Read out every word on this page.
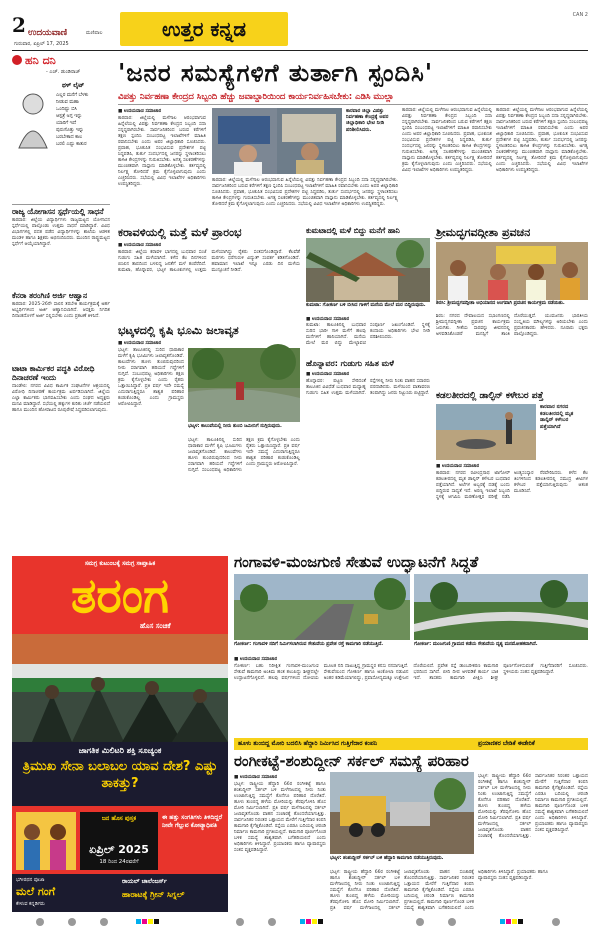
2 ಉದಯವಾಣಿ	ಮಣಿಪಾಲ
ಗುರುವಾರ, ಏಪ್ರಿಲ್ 17, 2025
ಉತ್ತರ ಕನ್ನಡ
CAN 2
ಹನಿ ದನಿ
- ಎಚ್. ಡುಂಡಿರಾಜ್
ಥಳ್ ಲೈಟ್
ಎಲ್ಲರ ಮನೆಗೆ ಬೆಳಕು
ನೀಡುವ ಮಹಾ
ಒಂದಿಷ್ಟು ಬಿಸಿ
ಆಸ್ಪತ್ರೆ ಅಗ್ಗ ಇನ್ನು
ಯಾರಿಗೆ ಇದೆ
ಪುರುಸೊತ್ತು ಇನ್ನು
ಬರಬೇಕಾದ ಕಾಲ
ಬರಲಿ ಎಷ್ಟು ಕಾತುರ
ರಾಜ್ಯ ಯೋಗಾಸನ ಸ್ಪರ್ಧೆಯಲ್ಲಿ ಸಾಧನೆ
ಕಾರವಾರ: ಜಿಲ್ಲೆಯ ವಿದ್ಯಾರ್ಥಿಗಳು ರಾಜ್ಯಮಟ್ಟದ ಯೋಗಾಸನ ಸ್ಪರ್ಧೆಯಲ್ಲಿ ಪಾಲ್ಗೊಂಡು ಉತ್ತಮ ಸಾಧನೆ ಮಾಡಿದ್ದಾರೆ. ವಿವಿಧ ವಿಭಾಗಗಳಲ್ಲಿ ಪದಕ ಪಡೆದ ವಿದ್ಯಾರ್ಥಿಗಳನ್ನು ಶಾಲೆಯ ಆಡಳಿತ ಮಂಡಳಿ ಹಾಗೂ ಶಿಕ್ಷಕರು ಅಭಿನಂದಿಸಿದರು. ಮುಂದಿನ ರಾಷ್ಟ್ರಮಟ್ಟದ ಸ್ಪರ್ಧೆಗೆ ಆಯ್ಕೆಯಾಗಿದ್ದಾರೆ.
ಕೆನರಾ ತರಂಗಿಣಿ ಅರ್ಜಿ ಆಹ್ವಾನ
ಕಾರವಾರ: 2025-26ನೇ ಸಾಲಿನ ತರಬೇತಿ ಕಾರ್ಯಕ್ರಮಕ್ಕೆ ಅರ್ಹ ಅಭ್ಯರ್ಥಿಗಳಿಂದ ಅರ್ಜಿ ಆಹ್ವಾನಿಸಲಾಗಿದೆ. ಆಸಕ್ತರು ನಿಗದಿತ ದಿನಾಂಕದೊಳಗೆ ಅರ್ಜಿ ಸಲ್ಲಿಸಬೇಕು ಎಂದು ಪ್ರಕಟಣೆ ತಿಳಿಸಿದೆ.
ಟಾಟಾ ಕಾರ್ಮಿಕರ ಪದ್ಧತಿ ವಿರೋಧಿ ದಿನಾಚರಣೆ ಇಂದು
ದಾಂಡೇಲಿ: ನಗರದ ವಿವಿಧ ಕಾರ್ಮಿಕ ಸಂಘಟನೆಗಳ ಆಶ್ರಯದಲ್ಲಿ ವಿರೋಧಿ ದಿನಾಚರಣೆ ಕಾರ್ಯಕ್ರಮ ಏರ್ಪಡಿಸಲಾಗಿದೆ. ಜಿಲ್ಲೆಯ ಎಲ್ಲಾ ಕಾರ್ಮಿಕರು ಭಾಗವಹಿಸಬೇಕು ಎಂದು ಸಂಘದ ಅಧ್ಯಕ್ಷರು ಮನವಿ ಮಾಡಿದ್ದಾರೆ. ಸಭೆಯಲ್ಲಿ ಹಕ್ಕುಗಳ ಕುರಿತು ಚರ್ಚೆ ನಡೆಯಲಿದೆ ಹಾಗೂ ಮುಂದಿನ ಹೋರಾಟದ ರೂಪುರೇಷೆ ಸಿದ್ಧಪಡಿಸಲಾಗುವುದು.
'ಜನರ ಸಮಸ್ಯೆಗಳಿಗೆ ತುರ್ತಾಗಿ ಸ್ಪಂದಿಸಿ'
ವಿಪತ್ತು ನಿರ್ವಹಣಾ ಕೇಂದ್ರದ ಸಿಬ್ಬಂದಿ ಹೆಚ್ಚು ಜವಾಬ್ದಾರಿಯಿಂದ ಕಾರ್ಯನಿರ್ವಹಿಸಬೇಕು: ಎಡಿಸಿ ಮುಲ್ಲಾ
■ ಉದಯವಾಣಿ ಸಮಾಚಾರ
ಕಾರವಾರ: ಜಿಲ್ಲೆಯಲ್ಲಿ ಮಳೆಗಾಲ ಆರಂಭವಾಗುವ ಹಿನ್ನೆಲೆಯಲ್ಲಿ ವಿಪತ್ತು ನಿರ್ವಹಣಾ ಕೇಂದ್ರದ ಸಿಬ್ಬಂದಿ ಸದಾ ಸನ್ನದ್ಧರಾಗಿರಬೇಕು. ಸಾರ್ವಜನಿಕರಿಂದ ಬರುವ ಕರೆಗಳಿಗೆ ತಕ್ಷಣ ಸ್ಪಂದಿಸಿ ಸಂಬಂಧಪಟ್ಟ ಇಲಾಖೆಗಳಿಗೆ ಮಾಹಿತಿ ರವಾನಿಸಬೇಕು ಎಂದು ಅಪರ ಜಿಲ್ಲಾಧಿಕಾರಿ ಸೂಚಿಸಿದರು. ಪ್ರವಾಹ, ಭೂಕುಸಿತ ಸಂಭವಿಸುವ ಪ್ರದೇಶಗಳ ಪಟ್ಟಿ ಸಿದ್ಧಪಡಿಸಿ, ತುರ್ತು ಸಂದರ್ಭದಲ್ಲಿ ಜನರನ್ನು ಸ್ಥಳಾಂತರಿಸಲು ಕಾಳಜಿ ಕೇಂದ್ರಗಳನ್ನು ಗುರುತಿಸಬೇಕು. ಅಗತ್ಯ ಸಲಕರಣೆಗಳನ್ನು ಮುಂಚಿತವಾಗಿ ದಾಸ್ತಾನು ಮಾಡಿಕೊಳ್ಳಬೇಕು. ಕರ್ತವ್ಯದಲ್ಲಿ ನಿರ್ಲಕ್ಷ್ಯ ತೋರಿದರೆ ಕ್ರಮ ಕೈಗೊಳ್ಳಲಾಗುವುದು ಎಂದು ಎಚ್ಚರಿಸಿದರು. ಸಭೆಯಲ್ಲಿ ವಿವಿಧ ಇಲಾಖೆಗಳ ಅಧಿಕಾರಿಗಳು ಉಪಸ್ಥಿತರಿದ್ದರು.
ಕಾರವಾರ ಜಿಲ್ಲಾ ವಿಪತ್ತು ನಿರ್ವಹಣಾ ಕೇಂದ್ರಕ್ಕೆ ಅಪರ ಜಿಲ್ಲಾಧಿಕಾರಿ ಭೇಟಿ ನೀಡಿ ಪರಿಶೀಲಿಸಿದರು.
ಕಾರವಾರ: ಜಿಲ್ಲೆಯಲ್ಲಿ ಮಳೆಗಾಲ ಆರಂಭವಾಗುವ ಹಿನ್ನೆಲೆಯಲ್ಲಿ ವಿಪತ್ತು ನಿರ್ವಹಣಾ ಕೇಂದ್ರದ ಸಿಬ್ಬಂದಿ ಸದಾ ಸನ್ನದ್ಧರಾಗಿರಬೇಕು. ಸಾರ್ವಜನಿಕರಿಂದ ಬರುವ ಕರೆಗಳಿಗೆ ತಕ್ಷಣ ಸ್ಪಂದಿಸಿ ಸಂಬಂಧಪಟ್ಟ ಇಲಾಖೆಗಳಿಗೆ ಮಾಹಿತಿ ರವಾನಿಸಬೇಕು ಎಂದು ಅಪರ ಜಿಲ್ಲಾಧಿಕಾರಿ ಸೂಚಿಸಿದರು. ಪ್ರವಾಹ, ಭೂಕುಸಿತ ಸಂಭವಿಸುವ ಪ್ರದೇಶಗಳ ಪಟ್ಟಿ ಸಿದ್ಧಪಡಿಸಿ, ತುರ್ತು ಸಂದರ್ಭದಲ್ಲಿ ಜನರನ್ನು ಸ್ಥಳಾಂತರಿಸಲು ಕಾಳಜಿ ಕೇಂದ್ರಗಳನ್ನು ಗುರುತಿಸಬೇಕು. ಅಗತ್ಯ ಸಲಕರಣೆಗಳನ್ನು ಮುಂಚಿತವಾಗಿ ದಾಸ್ತಾನು ಮಾಡಿಕೊಳ್ಳಬೇಕು. ಕರ್ತವ್ಯದಲ್ಲಿ ನಿರ್ಲಕ್ಷ್ಯ ತೋರಿದರೆ ಕ್ರಮ ಕೈಗೊಳ್ಳಲಾಗುವುದು ಎಂದು ಎಚ್ಚರಿಸಿದರು. ಸಭೆಯಲ್ಲಿ ವಿವಿಧ ಇಲಾಖೆಗಳ ಅಧಿಕಾರಿಗಳು ಉಪಸ್ಥಿತರಿದ್ದರು.
ಕಾರವಾರ: ಜಿಲ್ಲೆಯಲ್ಲಿ ಮಳೆಗಾಲ ಆರಂಭವಾಗುವ ಹಿನ್ನೆಲೆಯಲ್ಲಿ ವಿಪತ್ತು ನಿರ್ವಹಣಾ ಕೇಂದ್ರದ ಸಿಬ್ಬಂದಿ ಸದಾ ಸನ್ನದ್ಧರಾಗಿರಬೇಕು. ಸಾರ್ವಜನಿಕರಿಂದ ಬರುವ ಕರೆಗಳಿಗೆ ತಕ್ಷಣ ಸ್ಪಂದಿಸಿ ಸಂಬಂಧಪಟ್ಟ ಇಲಾಖೆಗಳಿಗೆ ಮಾಹಿತಿ ರವಾನಿಸಬೇಕು ಎಂದು ಅಪರ ಜಿಲ್ಲಾಧಿಕಾರಿ ಸೂಚಿಸಿದರು. ಪ್ರವಾಹ, ಭೂಕುಸಿತ ಸಂಭವಿಸುವ ಪ್ರದೇಶಗಳ ಪಟ್ಟಿ ಸಿದ್ಧಪಡಿಸಿ, ತುರ್ತು ಸಂದರ್ಭದಲ್ಲಿ ಜನರನ್ನು ಸ್ಥಳಾಂತರಿಸಲು ಕಾಳಜಿ ಕೇಂದ್ರಗಳನ್ನು ಗುರುತಿಸಬೇಕು. ಅಗತ್ಯ ಸಲಕರಣೆಗಳನ್ನು ಮುಂಚಿತವಾಗಿ ದಾಸ್ತಾನು ಮಾಡಿಕೊಳ್ಳಬೇಕು. ಕರ್ತವ್ಯದಲ್ಲಿ ನಿರ್ಲಕ್ಷ್ಯ ತೋರಿದರೆ ಕ್ರಮ ಕೈಗೊಳ್ಳಲಾಗುವುದು ಎಂದು ಎಚ್ಚರಿಸಿದರು. ಸಭೆಯಲ್ಲಿ ವಿವಿಧ ಇಲಾಖೆಗಳ ಅಧಿಕಾರಿಗಳು ಉಪಸ್ಥಿತರಿದ್ದರು.
ಕಾರವಾರ: ಜಿಲ್ಲೆಯಲ್ಲಿ ಮಳೆಗಾಲ ಆರಂಭವಾಗುವ ಹಿನ್ನೆಲೆಯಲ್ಲಿ ವಿಪತ್ತು ನಿರ್ವಹಣಾ ಕೇಂದ್ರದ ಸಿಬ್ಬಂದಿ ಸದಾ ಸನ್ನದ್ಧರಾಗಿರಬೇಕು. ಸಾರ್ವಜನಿಕರಿಂದ ಬರುವ ಕರೆಗಳಿಗೆ ತಕ್ಷಣ ಸ್ಪಂದಿಸಿ ಸಂಬಂಧಪಟ್ಟ ಇಲಾಖೆಗಳಿಗೆ ಮಾಹಿತಿ ರವಾನಿಸಬೇಕು ಎಂದು ಅಪರ ಜಿಲ್ಲಾಧಿಕಾರಿ ಸೂಚಿಸಿದರು. ಪ್ರವಾಹ, ಭೂಕುಸಿತ ಸಂಭವಿಸುವ ಪ್ರದೇಶಗಳ ಪಟ್ಟಿ ಸಿದ್ಧಪಡಿಸಿ, ತುರ್ತು ಸಂದರ್ಭದಲ್ಲಿ ಜನರನ್ನು ಸ್ಥಳಾಂತರಿಸಲು ಕಾಳಜಿ ಕೇಂದ್ರಗಳನ್ನು ಗುರುತಿಸಬೇಕು. ಅಗತ್ಯ ಸಲಕರಣೆಗಳನ್ನು ಮುಂಚಿತವಾಗಿ ದಾಸ್ತಾನು ಮಾಡಿಕೊಳ್ಳಬೇಕು. ಕರ್ತವ್ಯದಲ್ಲಿ ನಿರ್ಲಕ್ಷ್ಯ ತೋರಿದರೆ ಕ್ರಮ ಕೈಗೊಳ್ಳಲಾಗುವುದು ಎಂದು ಎಚ್ಚರಿಸಿದರು. ಸಭೆಯಲ್ಲಿ ವಿವಿಧ ಇಲಾಖೆಗಳ ಅಧಿಕಾರಿಗಳು ಉಪಸ್ಥಿತರಿದ್ದರು.
ಕರಾವಳಿಯಲ್ಲಿ ಮತ್ತೆ ಮಳೆ ಪ್ರಾರಂಭ
■ ಉದಯವಾಣಿ ಸಮಾಚಾರ
ಕಾರವಾರ: ಜಿಲ್ಲೆಯ ಕರಾವಳಿ ಭಾಗದಲ್ಲಿ ಬುಧವಾರ ಸಂಜೆ ಗುಡುಗು ಸಹಿತ ಮಳೆಯಾಗಿದೆ. ಕಳೆದ ಕೆಲ ದಿನಗಳಿಂದ ಬಿಸಿಲಿನ ತಾಪದಿಂದ ಬಳಲಿದ್ದ ಜನತೆಗೆ ಮಳೆ ತಂಪೆರೆದಿದೆ. ಕುಮಟಾ, ಹೊನ್ನಾವರ, ಭಟ್ಕಳ ತಾಲೂಕುಗಳಲ್ಲಿ ಉತ್ತಮ ಮಳೆಯಾಗಿದ್ದು ರೈತರು ಸಂತಸಗೊಂಡಿದ್ದಾರೆ. ಕೆಲವೆಡೆ ಮರಗಳು ಧರೆಗುರುಳಿ ವಿದ್ಯುತ್ ಸಂಪರ್ಕ ಕಡಿತಗೊಂಡಿದೆ. ಹವಾಮಾನ ಇಲಾಖೆ ಇನ್ನೂ ಎರಡು ದಿನ ಮಳೆಯ ಮುನ್ಸೂಚನೆ ನೀಡಿದೆ.
ಕುಮಟಾದಲ್ಲಿ ಮಳೆ ಬಿದ್ದು ಮನೆಗೆ ಹಾನಿ
ಕುಮಟಾ: ಗೋಕರ್ಣ ಬಳಿ ಬೀಸಿದ ಗಾಳಿಗೆ ಮನೆಯ ಮೇಲೆ ಮರ ಬಿದ್ದಿರುವುದು.
■ ಉದಯವಾಣಿ ಸಮಾಚಾರ
ಕುಮಟಾ: ತಾಲೂಕಿನಲ್ಲಿ ಬುಧವಾರ ಸುರಿದ ಭಾರೀ ಗಾಳಿ ಮಳೆಗೆ ಹಲವು ಮನೆಗಳಿಗೆ ಹಾನಿಯಾಗಿದೆ. ಮನೆಯ ಮೇಲೆ ಮರ ಬಿದ್ದು ಮೇಲ್ಛಾವಣಿ ಸಂಪೂರ್ಣ ಜಖಂಗೊಂಡಿದೆ. ಸ್ಥಳಕ್ಕೆ ಕಂದಾಯ ಅಧಿಕಾರಿಗಳು ಭೇಟಿ ನೀಡಿ ಪರಿಶೀಲಿಸಿದರು.
ಭಟ್ಕಳದಲ್ಲಿ ಕೃಷಿ ಭೂಮಿ ಜಲಾವೃತ
■ ಉದಯವಾಣಿ ಸಮಾಚಾರ
ಭಟ್ಕಳ: ತಾಲೂಕಿನಲ್ಲಿ ಸುರಿದ ಧಾರಾಕಾರ ಮಳೆಗೆ ಕೃಷಿ ಭೂಮಿಗಳು ಜಲಾವೃತಗೊಂಡಿವೆ. ಕಾಲುವೆಗಳು ಹೂಳು ತುಂಬಿರುವುದರಿಂದ ನೀರು ಸರಾಗವಾಗಿ ಹರಿಯದೆ ಗದ್ದೆಗಳಿಗೆ ನುಗ್ಗಿದೆ. ಸಂಬಂಧಪಟ್ಟ ಅಧಿಕಾರಿಗಳು ತಕ್ಷಣ ಕ್ರಮ ಕೈಗೊಳ್ಳಬೇಕು ಎಂದು ರೈತರು ಒತ್ತಾಯಿಸಿದ್ದಾರೆ. ಪ್ರತಿ ವರ್ಷ ಇದೇ ಸಮಸ್ಯೆ ಎದುರಾಗುತ್ತಿದ್ದರೂ ಶಾಶ್ವತ ಪರಿಹಾರ ಕಂಡುಕೊಂಡಿಲ್ಲ ಎಂದು ಗ್ರಾಮಸ್ಥರು ಆರೋಪಿಸಿದ್ದಾರೆ.
ಭಟ್ಕಳ: ಕಾಲುವೆಯಲ್ಲಿ ನೀರು ತುಂಬಿ ಜಮೀನಿಗೆ ನುಗ್ಗಿರುವುದು.
ಭಟ್ಕಳ: ತಾಲೂಕಿನಲ್ಲಿ ಸುರಿದ ಧಾರಾಕಾರ ಮಳೆಗೆ ಕೃಷಿ ಭೂಮಿಗಳು ಜಲಾವೃತಗೊಂಡಿವೆ. ಕಾಲುವೆಗಳು ಹೂಳು ತುಂಬಿರುವುದರಿಂದ ನೀರು ಸರಾಗವಾಗಿ ಹರಿಯದೆ ಗದ್ದೆಗಳಿಗೆ ನುಗ್ಗಿದೆ. ಸಂಬಂಧಪಟ್ಟ ಅಧಿಕಾರಿಗಳು ತಕ್ಷಣ ಕ್ರಮ ಕೈಗೊಳ್ಳಬೇಕು ಎಂದು ರೈತರು ಒತ್ತಾಯಿಸಿದ್ದಾರೆ. ಪ್ರತಿ ವರ್ಷ ಇದೇ ಸಮಸ್ಯೆ ಎದುರಾಗುತ್ತಿದ್ದರೂ ಶಾಶ್ವತ ಪರಿಹಾರ ಕಂಡುಕೊಂಡಿಲ್ಲ ಎಂದು ಗ್ರಾಮಸ್ಥರು ಆರೋಪಿಸಿದ್ದಾರೆ.
ಹೊನ್ನಾವರ: ಗುಡುಗು ಸಹಿತ ಮಳೆ
■ ಉದಯವಾಣಿ ಸಮಾಚಾರ
ಹೊನ್ನಾವರ: ಪಟ್ಟಣ ಸೇರಿದಂತೆ ತಾಲೂಕಿನ ವಿವಿಧೆಡೆ ಬುಧವಾರ ಮಧ್ಯಾಹ್ನ ಗುಡುಗು ಸಹಿತ ಉತ್ತಮ ಮಳೆಯಾಗಿದೆ. ರಸ್ತೆಗಳಲ್ಲಿ ನೀರು ನಿಂತು ವಾಹನ ಸವಾರರು ಪರದಾಡಿದರು. ಮಳೆಯಿಂದ ವಾತಾವರಣ ತಂಪಾಗಿದ್ದು ಜನರು ನಿಟ್ಟುಸಿರು ಬಿಟ್ಟಿದ್ದಾರೆ.
ಶ್ರೀಮದ್ಭಗವದ್ಗೀತಾ ಪ್ರವಚನ
ಶಿರಸಿ: ಶ್ರೀಮದ್ಭಗವದ್ಗೀತಾ ಅಭಿಯಾನದ ಅಂಗವಾಗಿ ಪ್ರವಚನ ಕಾರ್ಯಕ್ರಮ ನಡೆಯಿತು.
ಶಿರಸಿ: ನಗರದ ದೇವಾಲಯದ ಸಭಾಂಗಣದಲ್ಲಿ ಶ್ರೀಮದ್ಭಗವದ್ಗೀತಾ ಪ್ರವಚನ ಕಾರ್ಯಕ್ರಮ ಜರುಗಿತು. ಗೀತೆಯ ಸಾರವನ್ನು ಜೀವನದಲ್ಲಿ ಅಳವಡಿಸಿಕೊಂಡರೆ ಮನಸ್ಸಿಗೆ ಶಾಂತಿ ದೊರೆಯುತ್ತದೆ. ಯುವಜನರು ಭಾರತೀಯ ಸಂಸ್ಕೃತಿಯ ಮೌಲ್ಯಗಳನ್ನು ಅರಿಯಬೇಕು ಎಂದು ಪ್ರವಚನಕಾರರು ಹೇಳಿದರು. ನೂರಾರು ಭಕ್ತರು ಪಾಲ್ಗೊಂಡಿದ್ದರು.
ಕಡಲತೀರದಲ್ಲಿ ಡಾಲ್ಫಿನ್ ಕಳೇಬರ ಪತ್ತೆ
ಕಾರವಾರ ನಗರದ ಕಡಲತೀರದಲ್ಲಿ ಮೃತ ಡಾಲ್ಫಿನ್ ಕಳೇಬರ ಪತ್ತೆಯಾಗಿದೆ
■ ಉದಯವಾಣಿ ಸಮಾಚಾರ
ಕಾರವಾರ: ನಗರದ ರವೀಂದ್ರನಾಥ ಟಾಗೋರ್ ಕಡಲತೀರದಲ್ಲಿ ಮೃತ ಡಾಲ್ಫಿನ್ ಕಳೇಬರ ಬುಧವಾರ ಪತ್ತೆಯಾಗಿದೆ. ಅಲೆಗಳ ಅಬ್ಬರಕ್ಕೆ ದಡಕ್ಕೆ ಬಂದು ಬಿದ್ದಿರುವ ಸಾಧ್ಯತೆ ಇದೆ. ಅರಣ್ಯ ಇಲಾಖೆ ಸಿಬ್ಬಂದಿ ಸ್ಥಳಕ್ಕೆ ಆಗಮಿಸಿ ಮರಣೋತ್ತರ ಪರೀಕ್ಷೆ ನಡೆಸಿ ಅಂತ್ಯಸಂಸ್ಕಾರ ನೆರವೇರಿಸಿದರು. ಕಳೆದ ಕೆಲ ತಿಂಗಳಿನಿಂದ ಕಡಲತೀರದಲ್ಲಿ ಸಮುದ್ರ ಜೀವಿಗಳ ಕಳೇಬರ ಪತ್ತೆಯಾಗುತ್ತಿರುವುದು ಆತಂಕ ಮೂಡಿಸಿದೆ.
ಸಮಗ್ರ ಕುಟುಂಬಕ್ಕೆ ಸಮಗ್ರ ಸಾಪ್ತಾಹಿಕ
ತರಂಗ
ಹೊಸ ಸಂಚಿಕೆ
ಜಾಗತಿಕ ಮಿಲಿಟರಿ ಶಕ್ತಿ ಸೂಚ್ಯಂಕ
ತ್ರಿಮುಖ ಸೇನಾ ಬಲಾಬಲ ಯಾವ ದೇಶ? ಎಷ್ಟು ತಾಕತ್ತು?
ಜನ ಹೊಸ ಪುಸ್ತಕ
ಏಪ್ರಿಲ್ 2025
18 ರಿಂದ 24ರವರೆಗೆ
ಈ ಹತ್ತು ಸಂಗತಿಗಳು ತಿಳಿದಿದ್ದರೆ ನೀವೇ ಗೆಲ್ಲುವ ಕೋಟ್ಯಾಧಿಪತಿ
ಭಗೀರಥನ ಪೂಜಾ
ಮಲೆ ಗಂಗೆ
ಕೇಳುವ ಕನ್ನಡಿಗರು
ರಾಯಲ್ ಚಾಲೆಂಜರ್ಸ್
ಹಾರಾಟಕ್ಕೆ ಗ್ರೀನ್ ಸಿಗ್ನಲ್
ಗಂಗಾವಳಿ-ಮಂಜಗುಣಿ ಸೇತುವೆ ಉದ್ಘಾಟನೆಗೆ ಸಿದ್ಧತೆ
ಗೋಕರ್ಣ: ಗಂಗಾವಳಿ ನದಿಗೆ ನಿರ್ಮಿಸಲಾಗಿರುವ ಸೇತುವೆಯ ಪ್ರವೇಶ ರಸ್ತೆ ಕಾಮಗಾರಿ ನಡೆಯುತ್ತಿದೆ.	ಗೋಕರ್ಣ: ಮಂಜಗುಣಿ ಗ್ರಾಮದ ಕಡೆಯ ಸೇತುವೆಯ ದೃಶ್ಯ ಮನಮೋಹಕವಾಗಿದೆ.
■ ಉದಯವಾಣಿ ಸಮಾಚಾರ
ಗೋಕರ್ಣ: ಬಹು ನಿರೀಕ್ಷಿತ ಗಂಗಾವಳಿ-ಮಂಜಗುಣಿ ಸೇತುವೆ ಕಾಮಗಾರಿ ಅಂತಿಮ ಹಂತ ತಲುಪಿದ್ದು ಶೀಘ್ರದಲ್ಲೇ ಉದ್ಘಾಟನೆಗೊಳ್ಳಲಿದೆ. ಹಲವು ವರ್ಷಗಳಿಂದ ದೋಣಿಯ ಮೂಲಕ ನದಿ ದಾಟುತ್ತಿದ್ದ ಗ್ರಾಮಸ್ಥರ ಕನಸು ನನಸಾಗುತ್ತಿದೆ. ಸೇತುವೆಯಿಂದ ಗೋಕರ್ಣ ಹಾಗೂ ಅಂಕೋಲಾ ನಡುವಿನ ಅಂತರ ಕಡಿಮೆಯಾಗಲಿದ್ದು, ಪ್ರವಾಸೋದ್ಯಮಕ್ಕೂ ಉತ್ತೇಜನ ದೊರೆಯಲಿದೆ. ಪ್ರವೇಶ ರಸ್ತೆ ಡಾಂಬರೀಕರಣ ಕಾಮಗಾರಿ ಭರದಿಂದ ಸಾಗಿದೆ. ಬೀದಿ ದೀಪ ಅಳವಡಿಕೆ ಕಾರ್ಯ ಬಾಕಿ ಇದೆ. ಶಾಸಕರು ಕಾಮಗಾರಿ ವೀಕ್ಷಿಸಿ ಶೀಘ್ರ ಪೂರ್ಣಗೊಳಿಸುವಂತೆ ಗುತ್ತಿಗೆದಾರರಿಗೆ ಸೂಚಿಸಿದರು. ಸ್ಥಳೀಯರು ಸಂತಸ ವ್ಯಕ್ತಪಡಿಸಿದ್ದಾರೆ.
ಹೂಳು ತುಂಬಿದ್ದ ಮೋರಿ ಬದಲಿಸಿ ಹೆದ್ದಾರಿ ನಿರ್ಮಿಸಿದ ಗುತ್ತಿಗೆದಾರ ಕಂಪನಿ	ಪ್ರಯಾಣಿಕರ ಬೇಡಿಕೆ ಈಡೇರಿಕೆ
ರಂಗೀಕಟ್ಟೆ-ಶಂಶುದ್ದೀನ್ ಸರ್ಕಲ್ ಸಮಸ್ಯೆ ಪರಿಹಾರ
■ ಉದಯವಾಣಿ ಸಮಾಚಾರ
ಭಟ್ಕಳ: ರಾಷ್ಟ್ರೀಯ ಹೆದ್ದಾರಿ 66ರ ರಂಗೀಕಟ್ಟೆ ಹಾಗೂ ಶಂಶುದ್ದೀನ್ ಸರ್ಕಲ್ ಬಳಿ ಮಳೆಗಾಲದಲ್ಲಿ ನೀರು ನಿಂತು ಉಂಟಾಗುತ್ತಿದ್ದ ಸಮಸ್ಯೆಗೆ ಕೊನೆಗೂ ಪರಿಹಾರ ದೊರೆತಿದೆ. ಹೂಳು ತುಂಬಿದ್ದ ಹಳೆಯ ಮೋರಿಯನ್ನು ತೆರವುಗೊಳಿಸಿ ಹೊಸ ಮೋರಿ ನಿರ್ಮಿಸಲಾಗಿದೆ. ಪ್ರತಿ ವರ್ಷ ಮಳೆಗಾಲದಲ್ಲಿ ಸರ್ಕಲ್ ಜಲಾವೃತಗೊಂಡು ವಾಹನ ಸಂಚಾರಕ್ಕೆ ತೊಂದರೆಯಾಗುತ್ತಿತ್ತು. ಸಾರ್ವಜನಿಕರ ನಿರಂತರ ಒತ್ತಾಯದ ಮೇರೆಗೆ ಗುತ್ತಿಗೆದಾರ ಕಂಪನಿ ಕಾಮಗಾರಿ ಕೈಗೆತ್ತಿಕೊಂಡಿದೆ. ರಸ್ತೆಯ ಎರಡೂ ಬದಿಯಲ್ಲಿ ಚರಂಡಿ ನಿರ್ಮಾಣ ಕಾಮಗಾರಿ ಪ್ರಗತಿಯಲ್ಲಿದೆ. ಕಾಮಗಾರಿ ಪೂರ್ಣಗೊಂಡ ಬಳಿಕ ಸಮಸ್ಯೆ ಶಾಶ್ವತವಾಗಿ ಬಗೆಹರಿಯಲಿದೆ ಎಂದು ಅಧಿಕಾರಿಗಳು ತಿಳಿಸಿದ್ದಾರೆ. ಪ್ರಯಾಣಿಕರು ಹಾಗೂ ವ್ಯಾಪಾರಸ್ಥರು ಸಂತಸ ವ್ಯಕ್ತಪಡಿಸಿದ್ದಾರೆ.
ಭಟ್ಕಳ: ಶಂಶುದ್ದೀನ್ ಸರ್ಕಲ್ ಬಳಿ ಹೆದ್ದಾರಿ ಕಾಮಗಾರಿ ನಡೆಯುತ್ತಿರುವುದು.
ಭಟ್ಕಳ: ರಾಷ್ಟ್ರೀಯ ಹೆದ್ದಾರಿ 66ರ ರಂಗೀಕಟ್ಟೆ ಹಾಗೂ ಶಂಶುದ್ದೀನ್ ಸರ್ಕಲ್ ಬಳಿ ಮಳೆಗಾಲದಲ್ಲಿ ನೀರು ನಿಂತು ಉಂಟಾಗುತ್ತಿದ್ದ ಸಮಸ್ಯೆಗೆ ಕೊನೆಗೂ ಪರಿಹಾರ ದೊರೆತಿದೆ. ಹೂಳು ತುಂಬಿದ್ದ ಹಳೆಯ ಮೋರಿಯನ್ನು ತೆರವುಗೊಳಿಸಿ ಹೊಸ ಮೋರಿ ನಿರ್ಮಿಸಲಾಗಿದೆ. ಪ್ರತಿ ವರ್ಷ ಮಳೆಗಾಲದಲ್ಲಿ ಸರ್ಕಲ್ ಜಲಾವೃತಗೊಂಡು ವಾಹನ ಸಂಚಾರಕ್ಕೆ ತೊಂದರೆಯಾಗುತ್ತಿತ್ತು. ಸಾರ್ವಜನಿಕರ ನಿರಂತರ ಒತ್ತಾಯದ ಮೇರೆಗೆ ಗುತ್ತಿಗೆದಾರ ಕಂಪನಿ ಕಾಮಗಾರಿ ಕೈಗೆತ್ತಿಕೊಂಡಿದೆ. ರಸ್ತೆಯ ಎರಡೂ ಬದಿಯಲ್ಲಿ ಚರಂಡಿ ನಿರ್ಮಾಣ ಕಾಮಗಾರಿ ಪ್ರಗತಿಯಲ್ಲಿದೆ. ಕಾಮಗಾರಿ ಪೂರ್ಣಗೊಂಡ ಬಳಿಕ ಸಮಸ್ಯೆ ಶಾಶ್ವತವಾಗಿ ಬಗೆಹರಿಯಲಿದೆ ಎಂದು ಅಧಿಕಾರಿಗಳು ತಿಳಿಸಿದ್ದಾರೆ. ಪ್ರಯಾಣಿಕರು ಹಾಗೂ ವ್ಯಾಪಾರಸ್ಥರು ಸಂತಸ ವ್ಯಕ್ತಪಡಿಸಿದ್ದಾರೆ.
ಭಟ್ಕಳ: ರಾಷ್ಟ್ರೀಯ ಹೆದ್ದಾರಿ 66ರ ರಂಗೀಕಟ್ಟೆ ಹಾಗೂ ಶಂಶುದ್ದೀನ್ ಸರ್ಕಲ್ ಬಳಿ ಮಳೆಗಾಲದಲ್ಲಿ ನೀರು ನಿಂತು ಉಂಟಾಗುತ್ತಿದ್ದ ಸಮಸ್ಯೆಗೆ ಕೊನೆಗೂ ಪರಿಹಾರ ದೊರೆತಿದೆ. ಹೂಳು ತುಂಬಿದ್ದ ಹಳೆಯ ಮೋರಿಯನ್ನು ತೆರವುಗೊಳಿಸಿ ಹೊಸ ಮೋರಿ ನಿರ್ಮಿಸಲಾಗಿದೆ. ಪ್ರತಿ ವರ್ಷ ಮಳೆಗಾಲದಲ್ಲಿ ಸರ್ಕಲ್ ಜಲಾವೃತಗೊಂಡು ವಾಹನ ಸಂಚಾರಕ್ಕೆ ತೊಂದರೆಯಾಗುತ್ತಿತ್ತು. ಸಾರ್ವಜನಿಕರ ನಿರಂತರ ಒತ್ತಾಯದ ಮೇರೆಗೆ ಗುತ್ತಿಗೆದಾರ ಕಂಪನಿ ಕಾಮಗಾರಿ ಕೈಗೆತ್ತಿಕೊಂಡಿದೆ. ರಸ್ತೆಯ ಎರಡೂ ಬದಿಯಲ್ಲಿ ಚರಂಡಿ ನಿರ್ಮಾಣ ಕಾಮಗಾರಿ ಪ್ರಗತಿಯಲ್ಲಿದೆ. ಕಾಮಗಾರಿ ಪೂರ್ಣಗೊಂಡ ಬಳಿಕ ಸಮಸ್ಯೆ ಶಾಶ್ವತವಾಗಿ ಬಗೆಹರಿಯಲಿದೆ ಎಂದು ಅಧಿಕಾರಿಗಳು ತಿಳಿಸಿದ್ದಾರೆ. ಪ್ರಯಾಣಿಕರು ಹಾಗೂ ವ್ಯಾಪಾರಸ್ಥರು ಸಂತಸ ವ್ಯಕ್ತಪಡಿಸಿದ್ದಾರೆ.
